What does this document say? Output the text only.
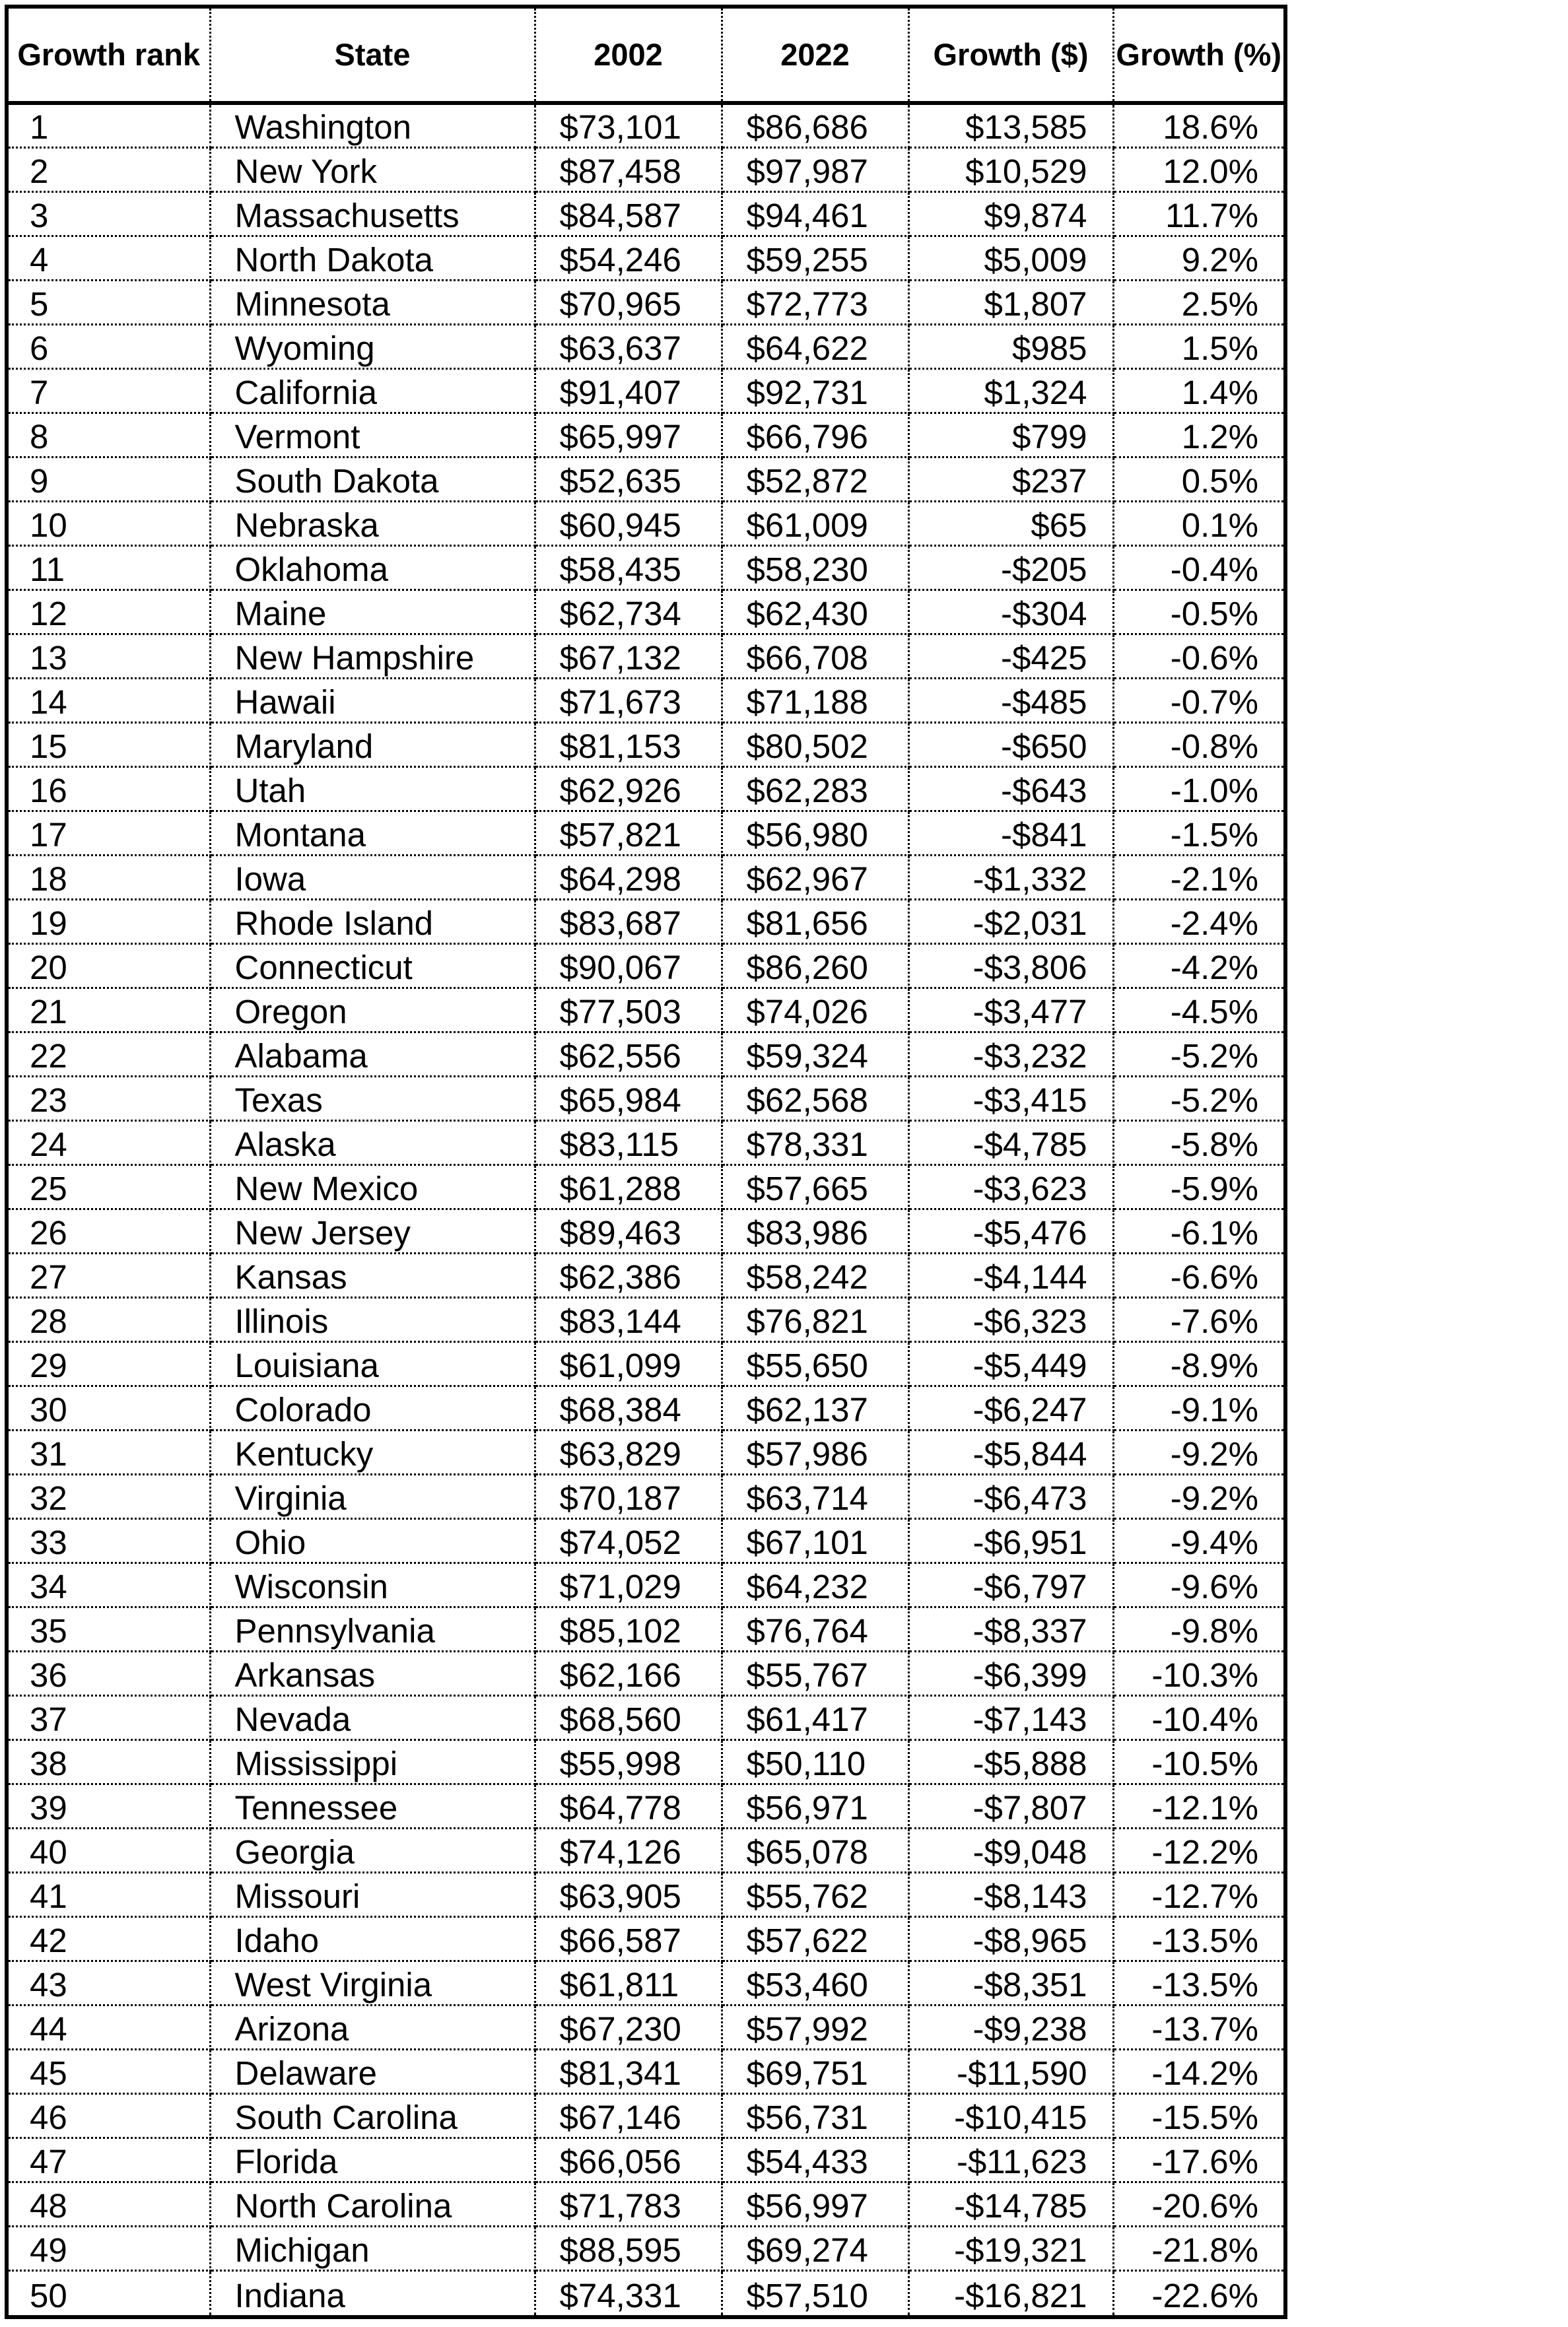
Growth rank	State	2002	2022	Growth ($)	Growth (%)
1	Washington	$73,101	$86,686	$13,585	18.6%
2	New York	$87,458	$97,987	$10,529	12.0%
3	Massachusetts	$84,587	$94,461	$9,874	11.7%
4	North Dakota	$54,246	$59,255	$5,009	9.2%
5	Minnesota	$70,965	$72,773	$1,807	2.5%
6	Wyoming	$63,637	$64,622	$985	1.5%
7	California	$91,407	$92,731	$1,324	1.4%
8	Vermont	$65,997	$66,796	$799	1.2%
9	South Dakota	$52,635	$52,872	$237	0.5%
10	Nebraska	$60,945	$61,009	$65	0.1%
11	Oklahoma	$58,435	$58,230	-$205	-0.4%
12	Maine	$62,734	$62,430	-$304	-0.5%
13	New Hampshire	$67,132	$66,708	-$425	-0.6%
14	Hawaii	$71,673	$71,188	-$485	-0.7%
15	Maryland	$81,153	$80,502	-$650	-0.8%
16	Utah	$62,926	$62,283	-$643	-1.0%
17	Montana	$57,821	$56,980	-$841	-1.5%
18	Iowa	$64,298	$62,967	-$1,332	-2.1%
19	Rhode Island	$83,687	$81,656	-$2,031	-2.4%
20	Connecticut	$90,067	$86,260	-$3,806	-4.2%
21	Oregon	$77,503	$74,026	-$3,477	-4.5%
22	Alabama	$62,556	$59,324	-$3,232	-5.2%
23	Texas	$65,984	$62,568	-$3,415	-5.2%
24	Alaska	$83,115	$78,331	-$4,785	-5.8%
25	New Mexico	$61,288	$57,665	-$3,623	-5.9%
26	New Jersey	$89,463	$83,986	-$5,476	-6.1%
27	Kansas	$62,386	$58,242	-$4,144	-6.6%
28	Illinois	$83,144	$76,821	-$6,323	-7.6%
29	Louisiana	$61,099	$55,650	-$5,449	-8.9%
30	Colorado	$68,384	$62,137	-$6,247	-9.1%
31	Kentucky	$63,829	$57,986	-$5,844	-9.2%
32	Virginia	$70,187	$63,714	-$6,473	-9.2%
33	Ohio	$74,052	$67,101	-$6,951	-9.4%
34	Wisconsin	$71,029	$64,232	-$6,797	-9.6%
35	Pennsylvania	$85,102	$76,764	-$8,337	-9.8%
36	Arkansas	$62,166	$55,767	-$6,399	-10.3%
37	Nevada	$68,560	$61,417	-$7,143	-10.4%
38	Mississippi	$55,998	$50,110	-$5,888	-10.5%
39	Tennessee	$64,778	$56,971	-$7,807	-12.1%
40	Georgia	$74,126	$65,078	-$9,048	-12.2%
41	Missouri	$63,905	$55,762	-$8,143	-12.7%
42	Idaho	$66,587	$57,622	-$8,965	-13.5%
43	West Virginia	$61,811	$53,460	-$8,351	-13.5%
44	Arizona	$67,230	$57,992	-$9,238	-13.7%
45	Delaware	$81,341	$69,751	-$11,590	-14.2%
46	South Carolina	$67,146	$56,731	-$10,415	-15.5%
47	Florida	$66,056	$54,433	-$11,623	-17.6%
48	North Carolina	$71,783	$56,997	-$14,785	-20.6%
49	Michigan	$88,595	$69,274	-$19,321	-21.8%
50	Indiana	$74,331	$57,510	-$16,821	-22.6%
